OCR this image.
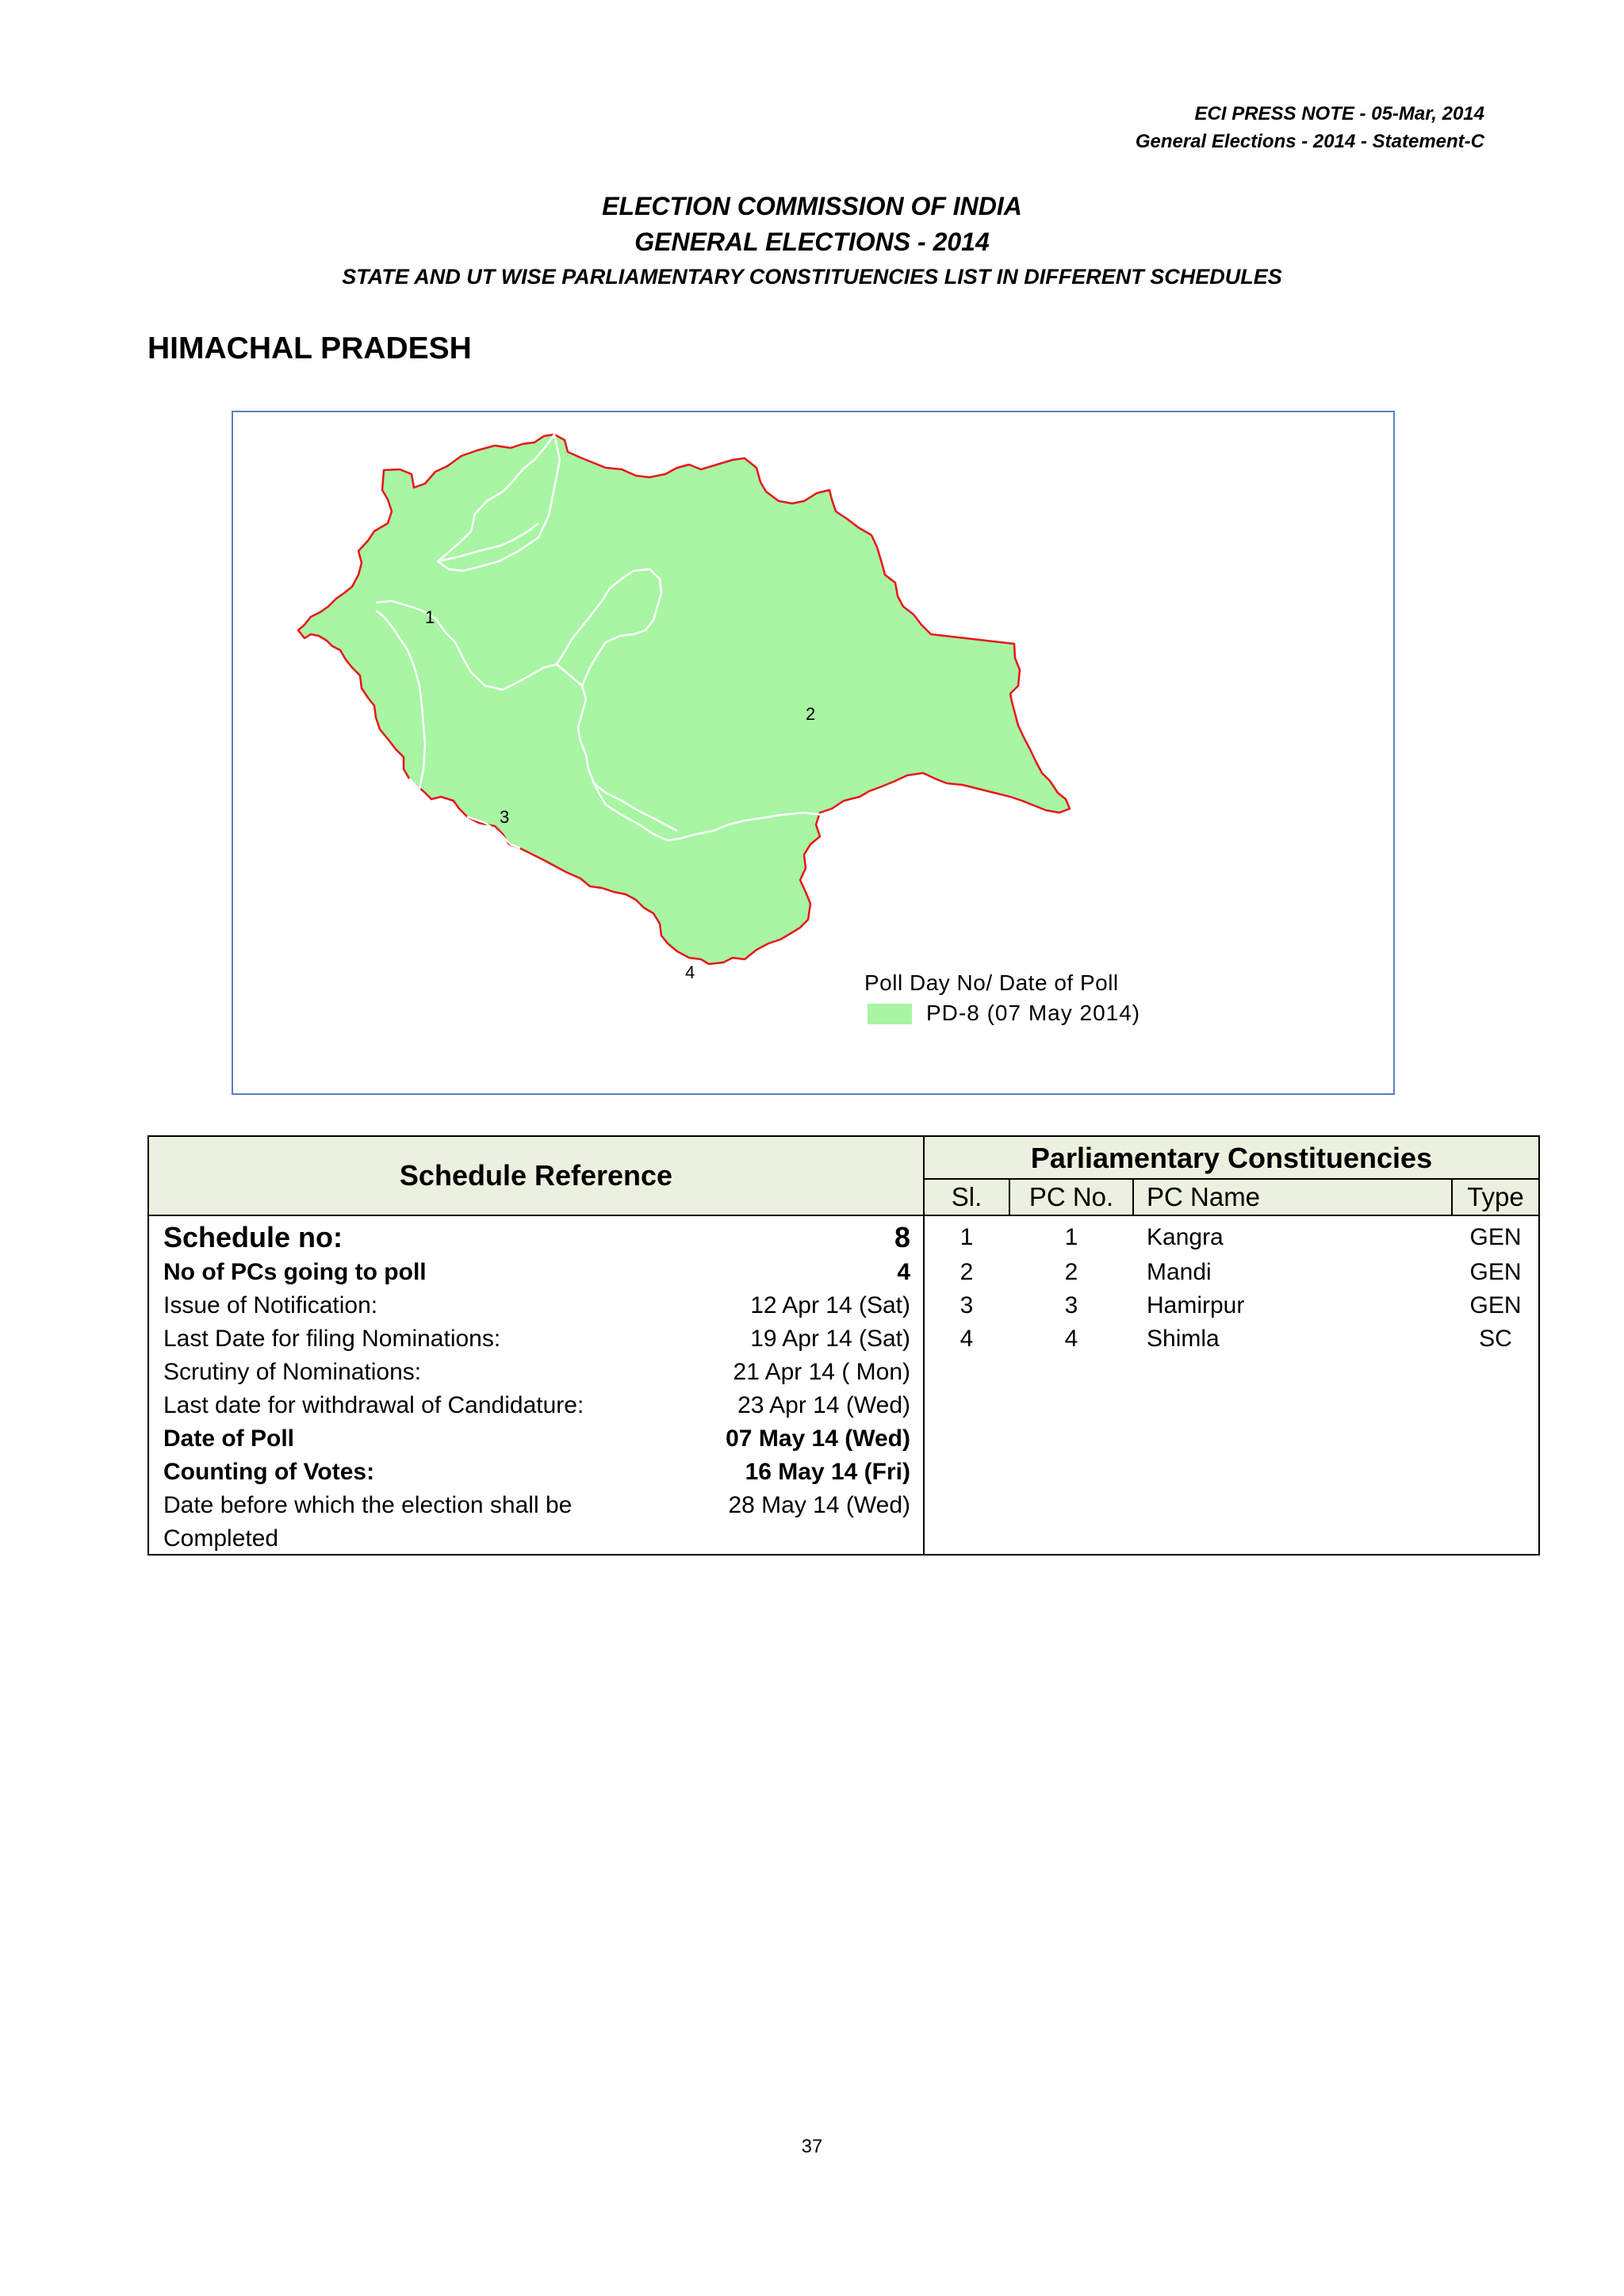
ECI PRESS NOTE - 05-Mar, 2014
General Elections - 2014 - Statement-C
ELECTION COMMISSION OF INDIA
GENERAL ELECTIONS - 2014
STATE AND UT WISE PARLIAMENTARY CONSTITUENCIES LIST IN DIFFERENT SCHEDULES
HIMACHAL PRADESH
1
2
3
4	Poll Day No/ Date of Poll
PD-8 (07 May 2014)
Schedule Reference
Parliamentary Constituencies
Sl.	PC No.	PC Name	Type
Schedule no:	8
No of PCs going to poll	4
Issue of Notification:	12 Apr 14 (Sat)
Last Date for filing Nominations:	19 Apr 14 (Sat)
Scrutiny of Nominations:	21 Apr 14 ( Mon)
Last date for withdrawal of Candidature:	23 Apr 14 (Wed)
Date of Poll	07 May 14 (Wed)
Counting of Votes:	16 May 14 (Fri)
Date before which the election shall be	28 May 14 (Wed)
Completed
1	1	Kangra	GEN
2	2	Mandi	GEN
3	3	Hamirpur	GEN
4	4	Shimla	SC
37
